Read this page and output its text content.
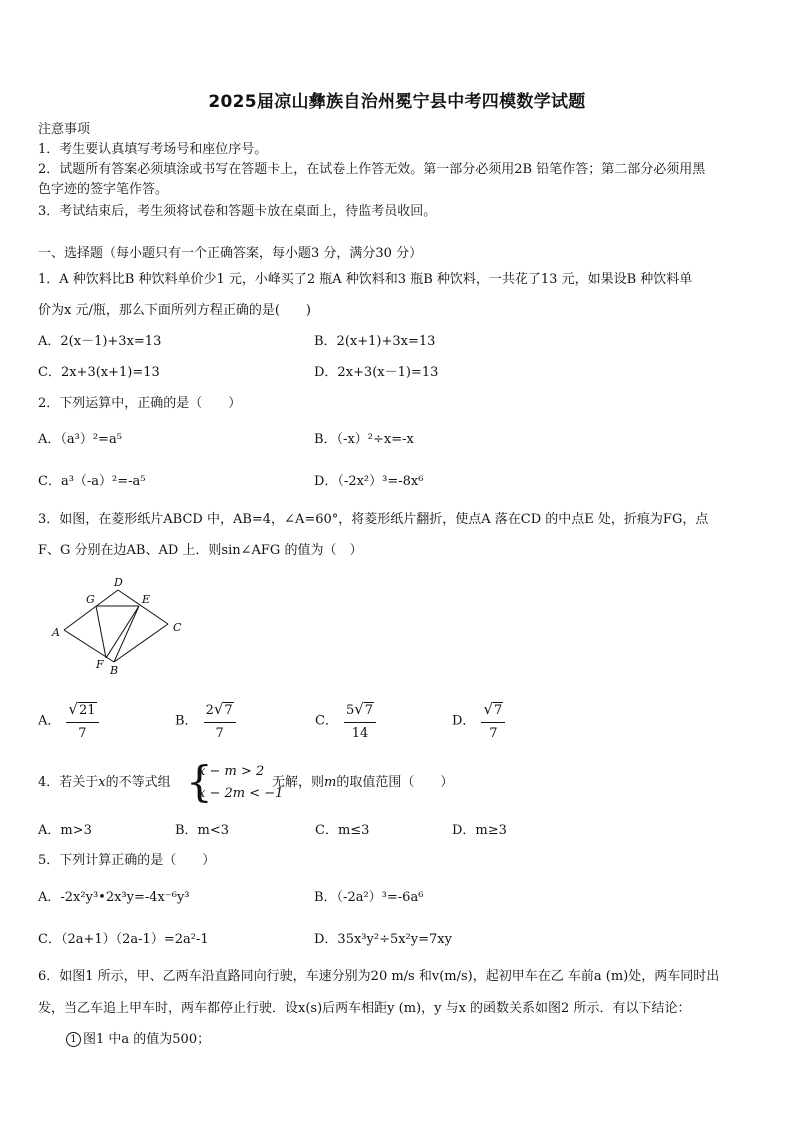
2025届凉山彝族自治州冕宁县中考四模数学试题
注意事项
1．考生要认真填写考场号和座位序号。
2．试题所有答案必须填涂或书写在答题卡上，在试卷上作答无效。第一部分必须用2B 铅笔作答；第二部分必须用黑
色字迹的签字笔作答。
3．考试结束后，考生须将试卷和答题卡放在桌面上，待监考员收回。
一、选择题（每小题只有一个正确答案，每小题3 分，满分30 分）
1．A 种饮料比B 种饮料单价少1 元，小峰买了2 瓶A 种饮料和3 瓶B 种饮料，一共花了13 元，如果设B 种饮料单
价为x 元/瓶，那么下面所列方程正确的是(　　)
A．2(x－1)+3x=13	B．2(x+1)+3x=13
C．2x+3(x+1)=13	D．2x+3(x－1)=13
2．下列运算中，正确的是（　　）
A．（a³）²=a⁵	B．（-x）²÷x=-x
C．a³（-a）²=-a⁵	D．（-2x²）³=-8x⁶
3．如图，在菱形纸片ABCD 中，AB=4，∠A=60°，将菱形纸片翻折，使点A 落在CD 的中点E 处，折痕为FG，点
F、G 分别在边AB、AD 上．则sin∠AFG 的值为（　）
A
B
C
D
E
F
G
A． $\frac{√21}{7}$	B． $\frac{2√7}{7}$	C． $\frac{5√7}{14}$	D． $\frac{√7}{7}$
4．若关于x的不等式组 {
x − m > 2
x − 2m < −1
无解，则m的取值范围（　　）
A．m>3	B．m<3	C．m≤3	D．m≥3
5．下列计算正确的是（　　）
A．-2x²y³•2x³y=-4x⁻⁶y³	B．（-2a²）³=-6a⁶
C．（2a+1）（2a-1）=2a²-1	D．35x³y²÷5x²y=7xy
6．如图1 所示，甲、乙两车沿直路同向行驶，车速分别为20 m/s 和v(m/s)，起初甲车在乙 车前a (m)处，两车同时出
发，当乙车追上甲车时，两车都停止行驶．设x(s)后两车相距y (m)，y 与x 的函数关系如图2 所示．有以下结论：
1 图1 中a 的值为500；
